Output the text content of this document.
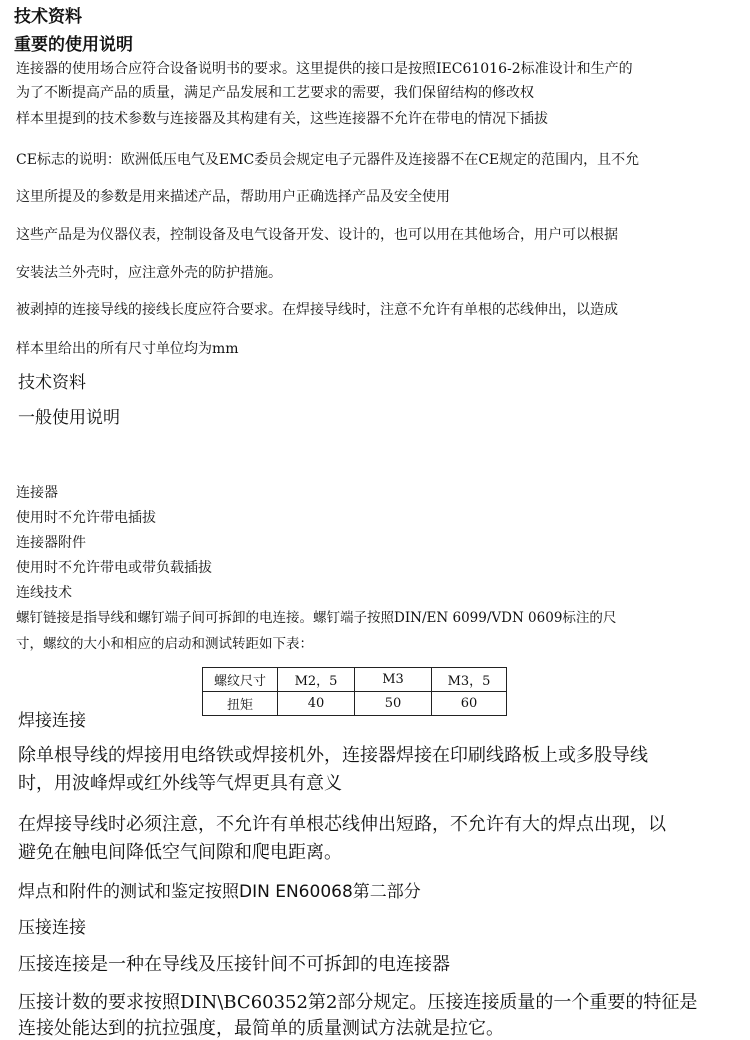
技术资料
重要的使用说明
连接器的使用场合应符合设备说明书的要求。这里提供的接口是按照IEC61016-2标准设计和生产的
为了不断提高产品的质量，满足产品发展和工艺要求的需要，我们保留结构的修改权
样本里提到的技术参数与连接器及其构建有关，这些连接器不允许在带电的情况下插拔
CE标志的说明：欧洲低压电气及EMC委员会规定电子元器件及连接器不在CE规定的范围内，且不允
这里所提及的参数是用来描述产品，帮助用户正确选择产品及安全使用
这些产品是为仪器仪表，控制设备及电气设备开发、设计的，也可以用在其他场合，用户可以根据
安装法兰外壳时，应注意外壳的防护措施。
被剥掉的连接导线的接线长度应符合要求。在焊接导线时，注意不允许有单根的芯线伸出，以造成
样本里给出的所有尺寸单位均为mm
技术资料
一般使用说明
连接器
使用时不允许带电插拔
连接器附件
使用时不允许带电或带负载插拔
连线技术
螺钉链接是指导线和螺钉端子间可拆卸的电连接。螺钉端子按照DIN/EN 6099/VDN 0609标注的尺
寸，螺纹的大小和相应的启动和测试转距如下表：
螺纹尺寸	M2，5	M3	M3，5
扭矩	40	50	60
焊接连接
除单根导线的焊接用电络铁或焊接机外，连接器焊接在印刷线路板上或多股导线
时，用波峰焊或红外线等气焊更具有意义
在焊接导线时必须注意，不允许有单根芯线伸出短路，不允许有大的焊点出现，以
避免在触电间降低空气间隙和爬电距离。
焊点和附件的测试和鉴定按照DIN EN60068第二部分
压接连接
压接连接是一种在导线及压接针间不可拆卸的电连接器
压接计数的要求按照DIN\BC60352第2部分规定。压接连接质量的一个重要的特征是
连接处能达到的抗拉强度，最简单的质量测试方法就是拉它。
